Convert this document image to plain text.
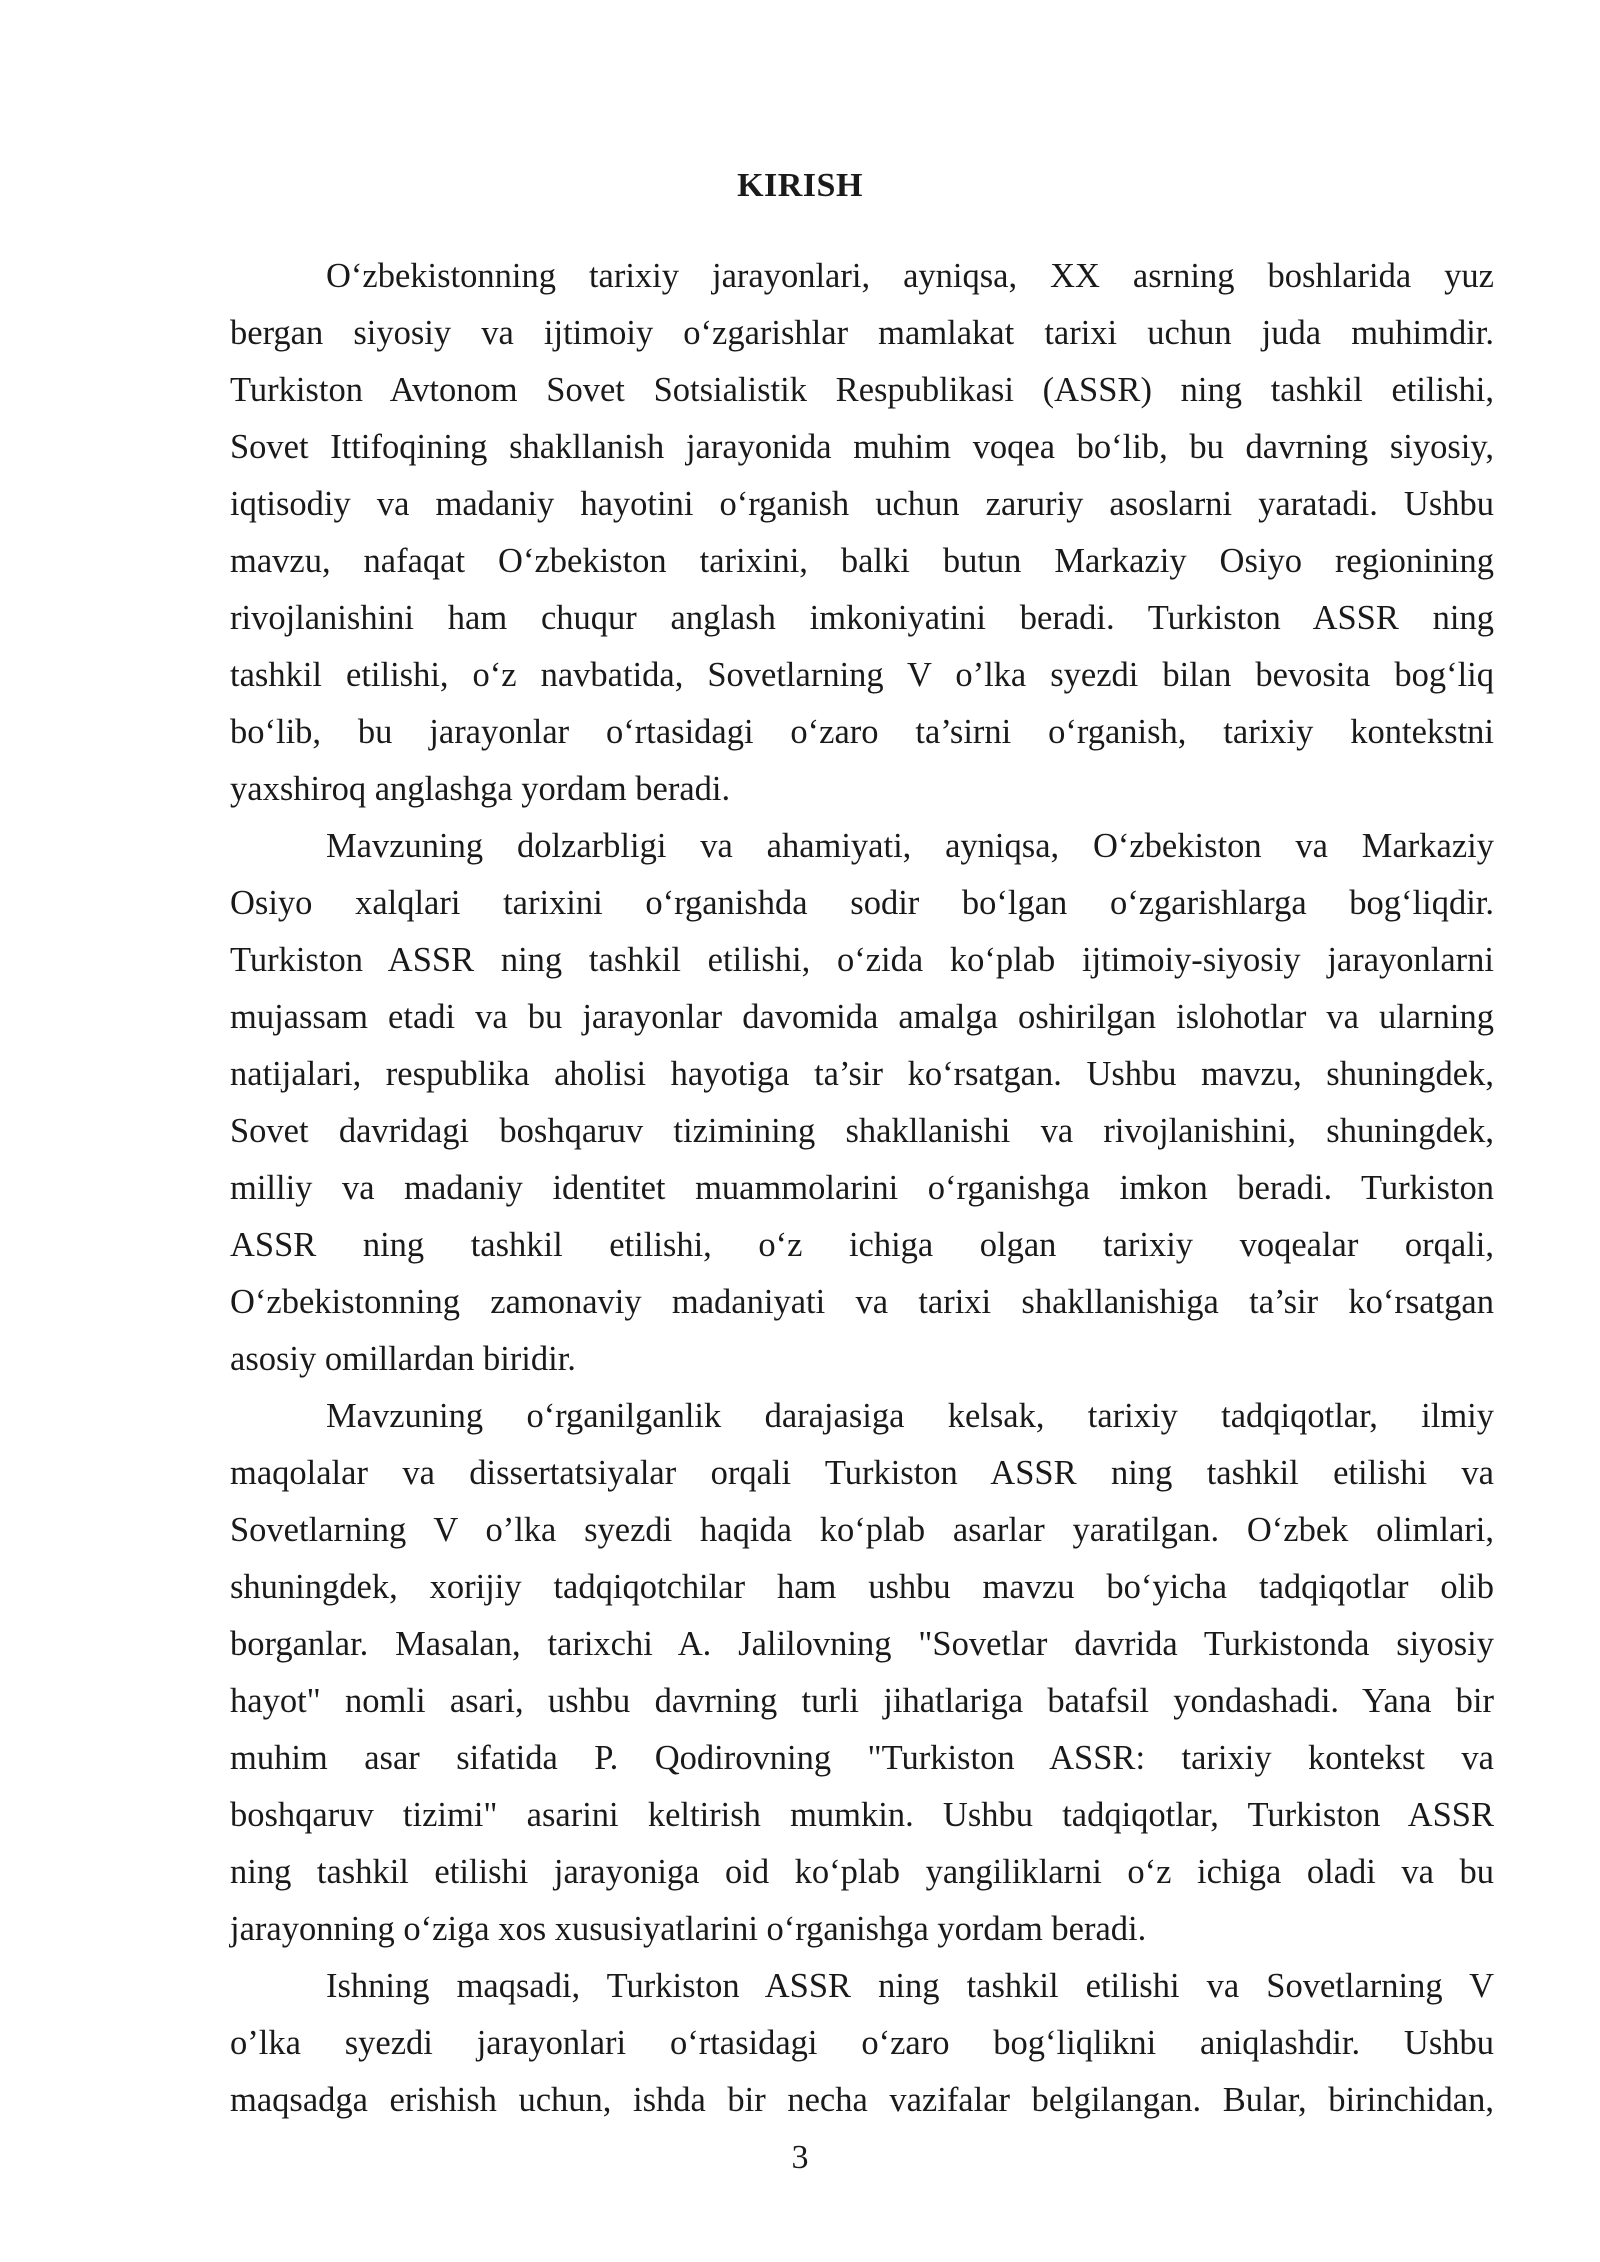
KIRISH
O‘zbekistonning tarixiy jarayonlari, ayniqsa, XX asrning boshlarida yuz
bergan siyosiy va ijtimoiy o‘zgarishlar mamlakat tarixi uchun juda muhimdir.
Turkiston Avtonom Sovet Sotsialistik Respublikasi (ASSR) ning tashkil etilishi,
Sovet Ittifoqining shakllanish jarayonida muhim voqea bo‘lib, bu davrning siyosiy,
iqtisodiy va madaniy hayotini o‘rganish uchun zaruriy asoslarni yaratadi. Ushbu
mavzu, nafaqat O‘zbekiston tarixini, balki butun Markaziy Osiyo regionining
rivojlanishini ham chuqur anglash imkoniyatini beradi. Turkiston ASSR ning
tashkil etilishi, o‘z navbatida, Sovetlarning V o’lka syezdi bilan bevosita bog‘liq
bo‘lib, bu jarayonlar o‘rtasidagi o‘zaro ta’sirni o‘rganish, tarixiy kontekstni
yaxshiroq anglashga yordam beradi.
Mavzuning dolzarbligi va ahamiyati, ayniqsa, O‘zbekiston va Markaziy
Osiyo xalqlari tarixini o‘rganishda sodir bo‘lgan o‘zgarishlarga bog‘liqdir.
Turkiston ASSR ning tashkil etilishi, o‘zida ko‘plab ijtimoiy-siyosiy jarayonlarni
mujassam etadi va bu jarayonlar davomida amalga oshirilgan islohotlar va ularning
natijalari, respublika aholisi hayotiga ta’sir ko‘rsatgan. Ushbu mavzu, shuningdek,
Sovet davridagi boshqaruv tizimining shakllanishi va rivojlanishini, shuningdek,
milliy va madaniy identitet muammolarini o‘rganishga imkon beradi. Turkiston
ASSR ning tashkil etilishi, o‘z ichiga olgan tarixiy voqealar orqali,
O‘zbekistonning zamonaviy madaniyati va tarixi shakllanishiga ta’sir ko‘rsatgan
asosiy omillardan biridir.
Mavzuning o‘rganilganlik darajasiga kelsak, tarixiy tadqiqotlar, ilmiy
maqolalar va dissertatsiyalar orqali Turkiston ASSR ning tashkil etilishi va
Sovetlarning V o’lka syezdi haqida ko‘plab asarlar yaratilgan. O‘zbek olimlari,
shuningdek, xorijiy tadqiqotchilar ham ushbu mavzu bo‘yicha tadqiqotlar olib
borganlar. Masalan, tarixchi A. Jalilovning "Sovetlar davrida Turkistonda siyosiy
hayot" nomli asari, ushbu davrning turli jihatlariga batafsil yondashadi. Yana bir
muhim asar sifatida P. Qodirovning "Turkiston ASSR: tarixiy kontekst va
boshqaruv tizimi" asarini keltirish mumkin. Ushbu tadqiqotlar, Turkiston ASSR
ning tashkil etilishi jarayoniga oid ko‘plab yangiliklarni o‘z ichiga oladi va bu
jarayonning o‘ziga xos xususiyatlarini o‘rganishga yordam beradi.
Ishning maqsadi, Turkiston ASSR ning tashkil etilishi va Sovetlarning V
o’lka syezdi jarayonlari o‘rtasidagi o‘zaro bog‘liqlikni aniqlashdir. Ushbu
maqsadga erishish uchun, ishda bir necha vazifalar belgilangan. Bular, birinchidan,
3
